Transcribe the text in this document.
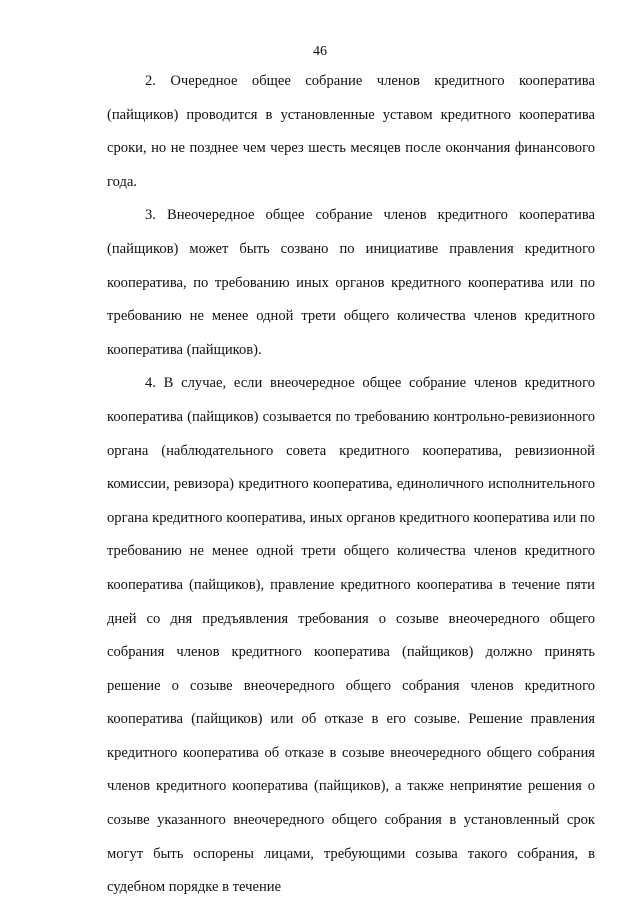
46

2. Очередное общее собрание членов кредитного кооператива (пайщиков) проводится в установленные уставом кредитного кооператива сроки, но не позднее чем через шесть месяцев после окончания финансового года.

3. Внеочередное общее собрание членов кредитного кооператива (пайщиков) может быть созвано по инициативе правления кредитного кооператива, по требованию иных органов кредитного кооператива или по требованию не менее одной трети общего количества членов кредитного кооператива (пайщиков).

4. В случае, если внеочередное общее собрание членов кредитного кооператива (пайщиков) созывается по требованию контрольно-ревизионного органа (наблюдательного совета кредитного кооператива, ревизионной комиссии, ревизора) кредитного кооператива, единоличного исполнительного органа кредитного кооператива, иных органов кредитного кооператива или по требованию не менее одной трети общего количества членов кредитного кооператива (пайщиков), правление кредитного кооператива в течение пяти дней со дня предъявления требования о созыве внеочередного общего собрания членов кредитного кооператива (пайщиков) должно принять решение о созыве внеочередного общего собрания членов кредитного кооператива (пайщиков) или об отказе в его созыве. Решение правления кредитного кооператива об отказе в созыве внеочередного общего собрания членов кредитного кооператива (пайщиков), а также непринятие решения о созыве указанного внеочередного общего собрания в установленный срок могут быть оспорены лицами, требующими созыва такого собрания, в судебном порядке в течение
